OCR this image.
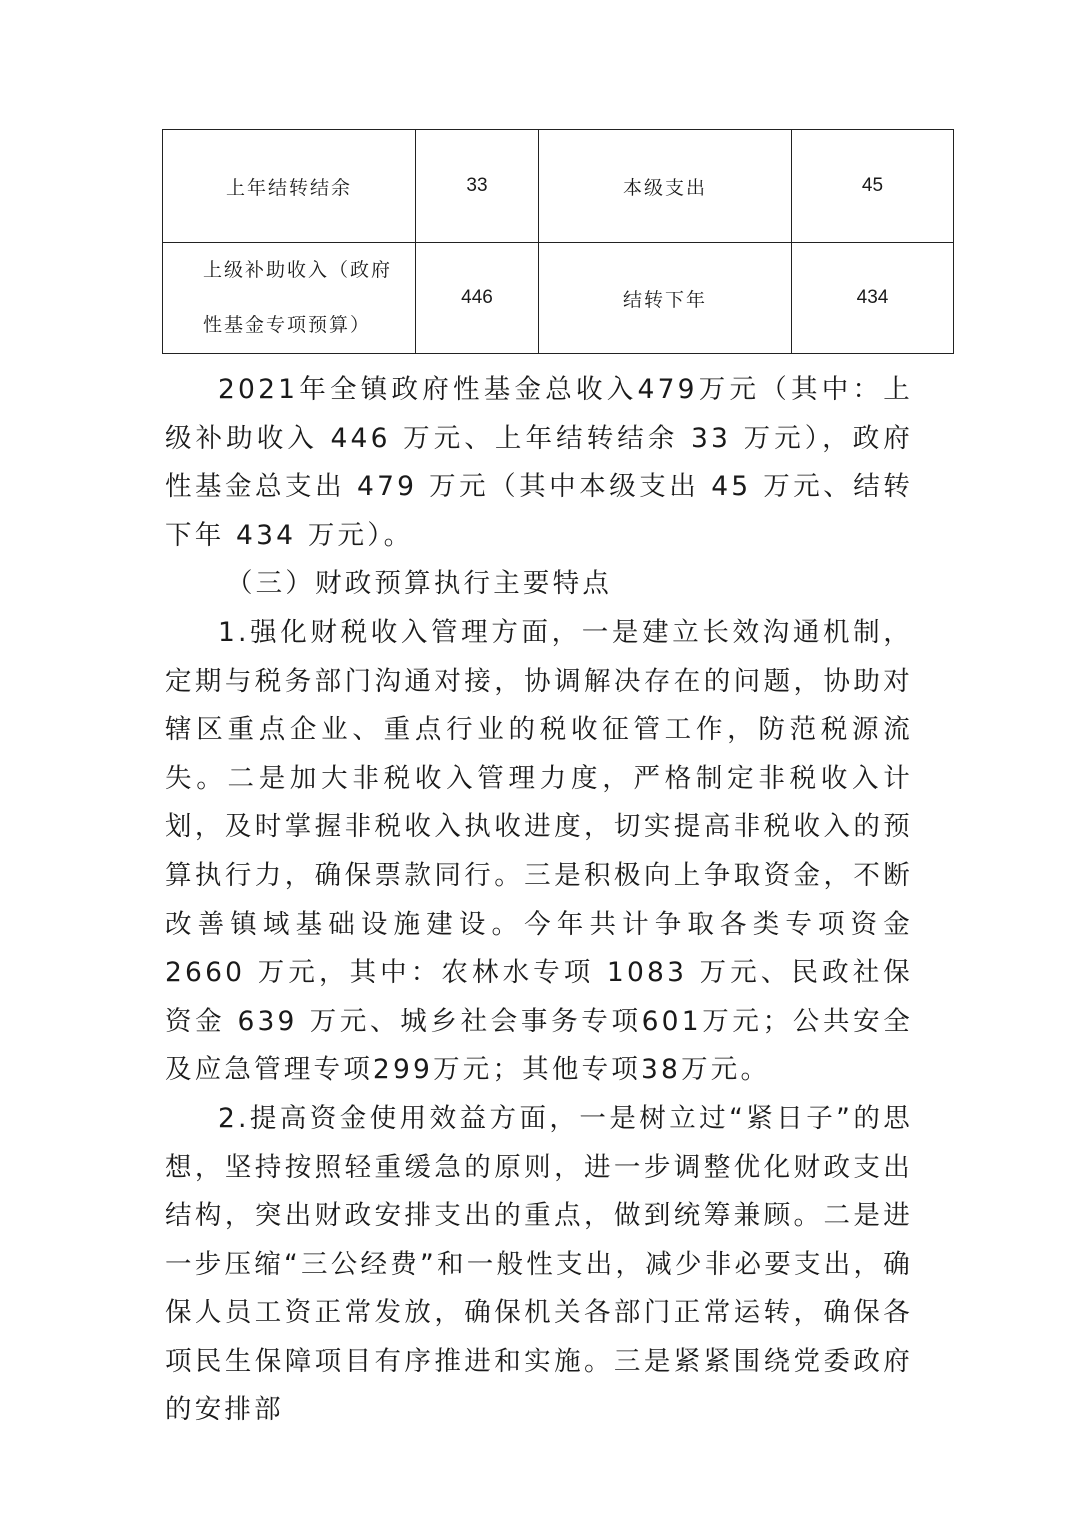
上年结转结余	33	本级支出	45

上级补助收入（政府
性基金专项预算）	446	结转下年	434

2021年全镇政府性基金总收入479万元（其中：上级补助收入 446 万元、上年结转结余 33 万元），政府性基金总支出 479 万元（其中本级支出 45 万元、结转下年 434 万元）。

（三）财政预算执行主要特点

1.强化财税收入管理方面，一是建立长效沟通机制，定期与税务部门沟通对接，协调解决存在的问题，协助对辖区重点企业、重点行业的税收征管工作，防范税源流失。二是加大非税收入管理力度，严格制定非税收入计划，及时掌握非税收入执收进度，切实提高非税收入的预算执行力，确保票款同行。三是积极向上争取资金，不断改善镇域基础设施建设。今年共计争取各类专项资金 2660 万元，其中：农林水专项 1083 万元、民政社保资金 639 万元、城乡社会事务专项601万元；公共安全及应急管理专项299万元；其他专项38万元。

2.提高资金使用效益方面，一是树立过“紧日子”的思想，坚持按照轻重缓急的原则，进一步调整优化财政支出结构，突出财政安排支出的重点，做到统筹兼顾。二是进一步压缩“三公经费”和一般性支出，减少非必要支出，确保人员工资正常发放，确保机关各部门正常运转，确保各项民生保障项目有序推进和实施。三是紧紧围绕党委政府的安排部
